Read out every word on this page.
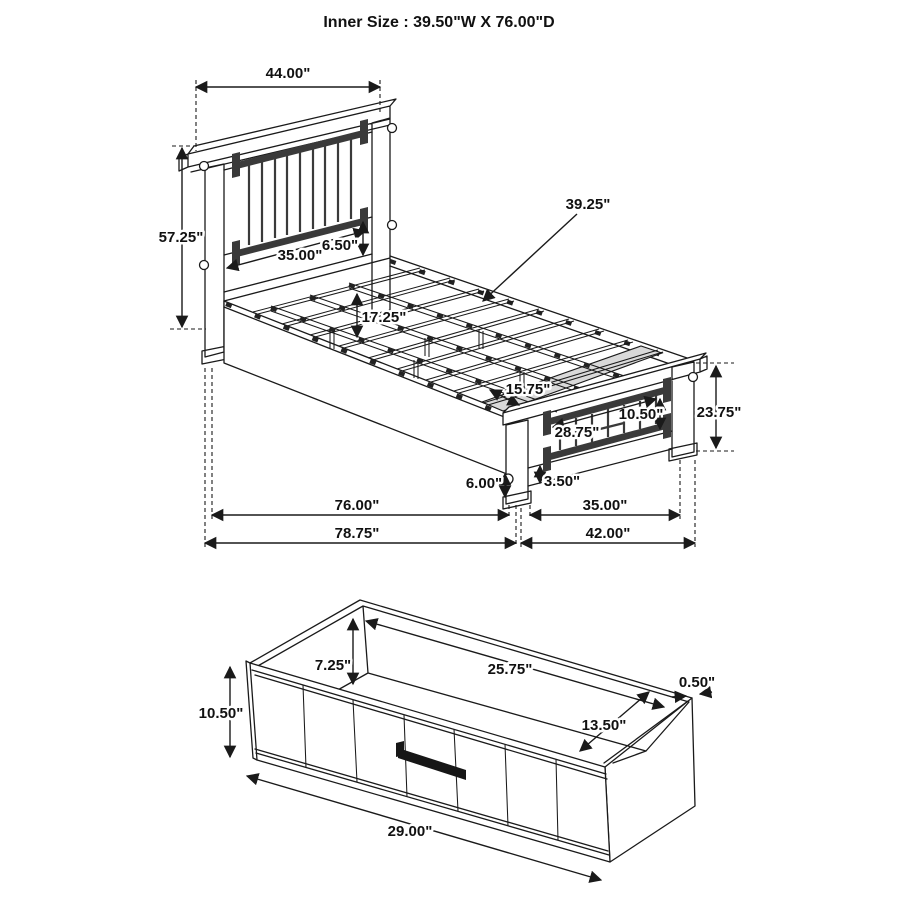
Inner Size : 39.50"W X 76.00"D
44.00"
57.25"
35.00"
6.50"
39.25"
17.25"
15.75"
10.50" 23.75"
28.75"
3.50"
6.00"
76.00"
78.75"
35.00"
42.00"
10.50"
7.25"	25.75"
0.50"
13.50"
29.00"
